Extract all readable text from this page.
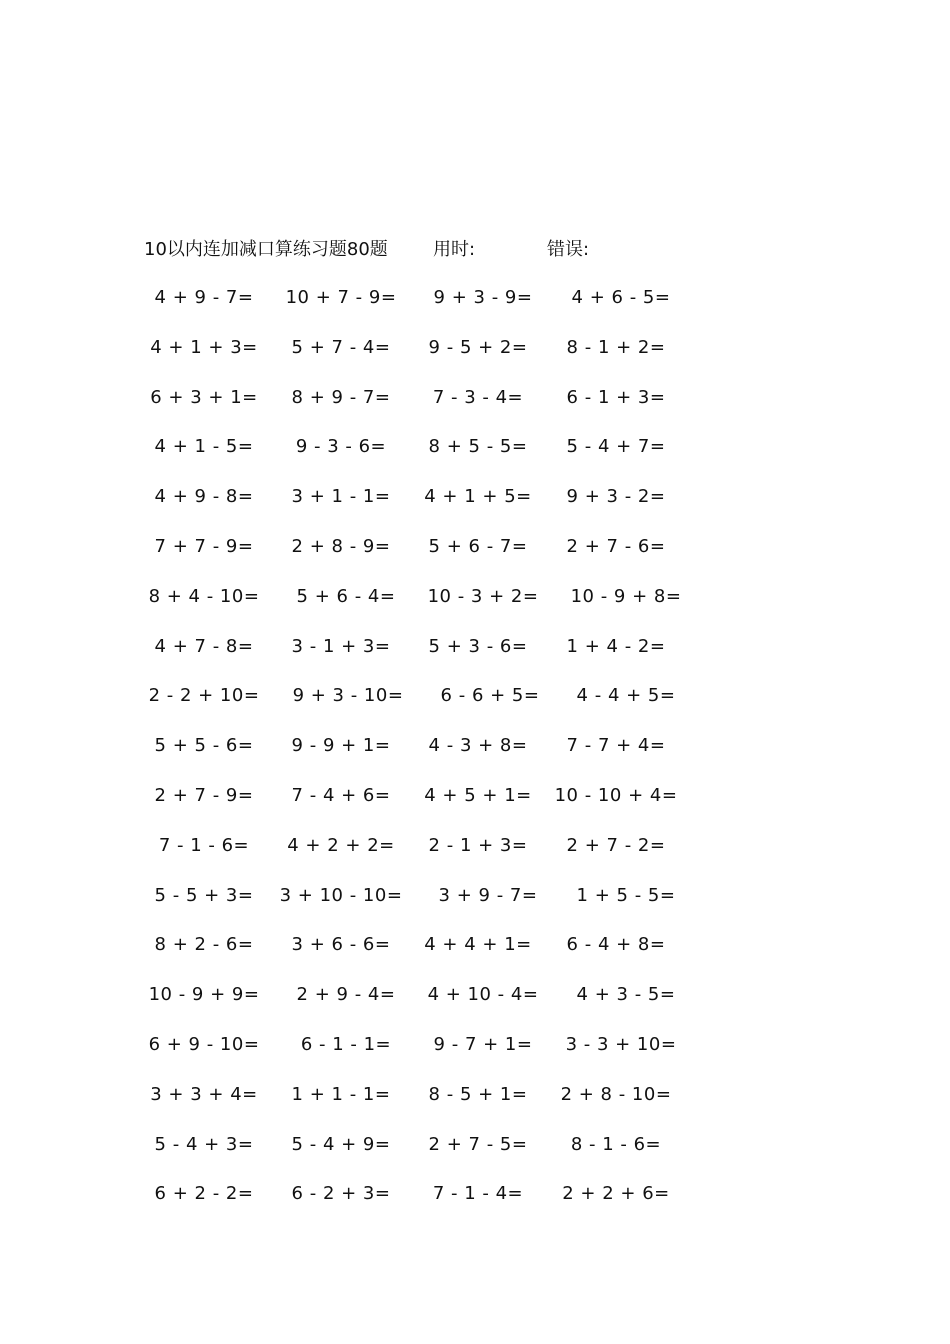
10以内连加减口算练习题80题	用时:	错误:
4 + 9 - 7=	10 + 7 - 9=	9 + 3 - 9=	4 + 6 - 5=
4 + 1 + 3=	5 + 7 - 4=	9 - 5 + 2=	8 - 1 + 2=
6 + 3 + 1=	8 + 9 - 7=	7 - 3 - 4=	6 - 1 + 3=
4 + 1 - 5=	9 - 3 - 6=	8 + 5 - 5=	5 - 4 + 7=
4 + 9 - 8=	3 + 1 - 1=	4 + 1 + 5=	9 + 3 - 2=
7 + 7 - 9=	2 + 8 - 9=	5 + 6 - 7=	2 + 7 - 6=
8 + 4 - 10=	5 + 6 - 4=	10 - 3 + 2=	10 - 9 + 8=
4 + 7 - 8=	3 - 1 + 3=	5 + 3 - 6=	1 + 4 - 2=
2 - 2 + 10=	9 + 3 - 10=	6 - 6 + 5=	4 - 4 + 5=
5 + 5 - 6=	9 - 9 + 1=	4 - 3 + 8=	7 - 7 + 4=
2 + 7 - 9=	7 - 4 + 6=	4 + 5 + 1=	10 - 10 + 4=
7 - 1 - 6=	4 + 2 + 2=	2 - 1 + 3=	2 + 7 - 2=
5 - 5 + 3=	3 + 10 - 10=	3 + 9 - 7=	1 + 5 - 5=
8 + 2 - 6=	3 + 6 - 6=	4 + 4 + 1=	6 - 4 + 8=
10 - 9 + 9=	2 + 9 - 4=	4 + 10 - 4=	4 + 3 - 5=
6 + 9 - 10=	6 - 1 - 1=	9 - 7 + 1=	3 - 3 + 10=
3 + 3 + 4=	1 + 1 - 1=	8 - 5 + 1=	2 + 8 - 10=
5 - 4 + 3=	5 - 4 + 9=	2 + 7 - 5=	8 - 1 - 6=
6 + 2 - 2=	6 - 2 + 3=	7 - 1 - 4=	2 + 2 + 6=
